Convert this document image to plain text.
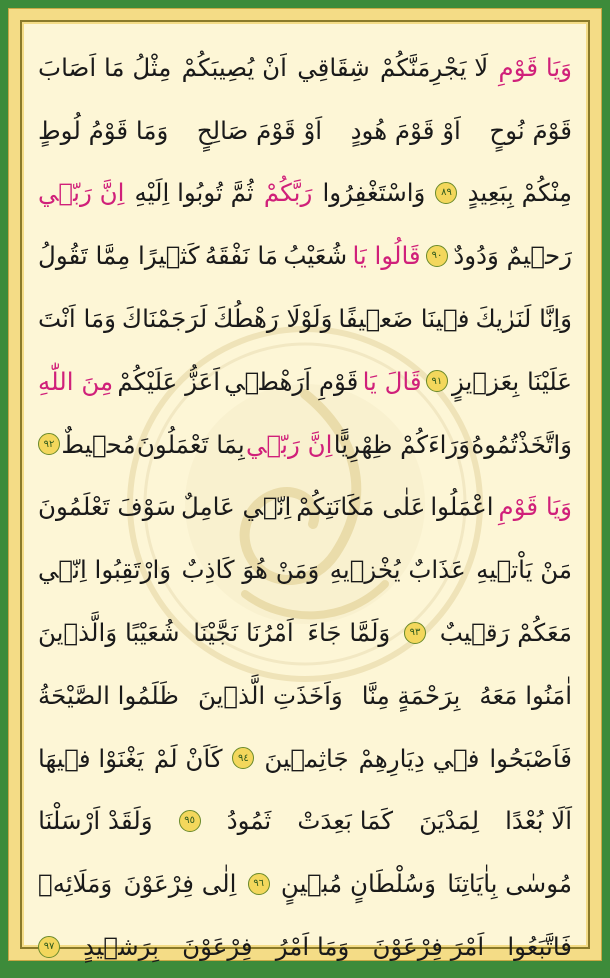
وَيَا قَوْمِ
لَا يَجْرِمَنَّكُمْ
شِقَاقِي
اَنْ يُصِيبَكُمْ
مِثْلُ مَا اَصَابَ
قَوْمَ نُوحٍ
اَوْ قَوْمَ هُودٍ
اَوْ قَوْمَ صَالِحٍ
وَمَا قَوْمُ لُوطٍ
مِنْكُمْ بِبَعِيدٍ
٨٩
وَاسْتَغْفِرُوا
رَبَّكُمْ
ثُمَّ تُوبُوا اِلَيْهِ
اِنَّ رَبّ۪ي
رَح۪يمٌ وَدُودٌ
٩٠
قَالُوا يَا
شُعَيْبُ
مَا نَفْقَهُ
كَث۪يرًا مِمَّا تَقُولُ
وَاِنَّا لَنَرٰيكَ
ف۪ينَا ضَع۪يفًا
وَلَوْلَا رَهْطُكَ
لَرَجَمْنَاكَ
وَمَا اَنْتَ
عَلَيْنَا بِعَز۪يزٍ
٩١
قَالَ يَا
قَوْمِ اَرَهْط۪ي
اَعَزُّ عَلَيْكُمْ
مِنَ اللّٰهِ
وَاتَّخَذْتُمُوهُ
وَرَاءَكُمْ ظِهْرِيًّا
اِنَّ رَبّ۪ي
بِمَا تَعْمَلُونَ
مُح۪يطٌ
٩٢
وَيَا قَوْمِ
اعْمَلُوا
عَلٰى مَكَانَتِكُمْ
اِنّ۪ي عَامِلٌ
سَوْفَ تَعْلَمُونَ
مَنْ يَاْت۪يهِ
عَذَابٌ يُخْز۪يهِ
وَمَنْ هُوَ كَاذِبٌ
وَارْتَقِبُوا اِنّ۪ي
مَعَكُمْ رَق۪يبٌ
٩٣
وَلَمَّا جَاءَ
اَمْرُنَا نَجَّيْنَا
شُعَيْبًا وَالَّذ۪ينَ
اٰمَنُوا مَعَهُ
بِرَحْمَةٍ مِنَّا
وَاَخَذَتِ الَّذ۪ينَ
ظَلَمُوا الصَّيْحَةُ
فَاَصْبَحُوا
ف۪ي دِيَارِهِمْ
جَاثِم۪ينَ
٩٤
كَاَنْ لَمْ
يَغْنَوْا ف۪يهَا
اَلَا بُعْدًا
لِمَدْيَنَ
كَمَا بَعِدَتْ
ثَمُودُ
٩٥
وَلَقَدْ اَرْسَلْنَا
مُوسٰى بِاٰيَاتِنَا
وَسُلْطَانٍ مُب۪ينٍ
٩٦
اِلٰى فِرْعَوْنَ
وَمَلَائِه۪
فَاتَّبَعُوا
اَمْرَ فِرْعَوْنَ
وَمَا اَمْرُ
فِرْعَوْنَ
بِرَش۪يدٍ
٩٧
